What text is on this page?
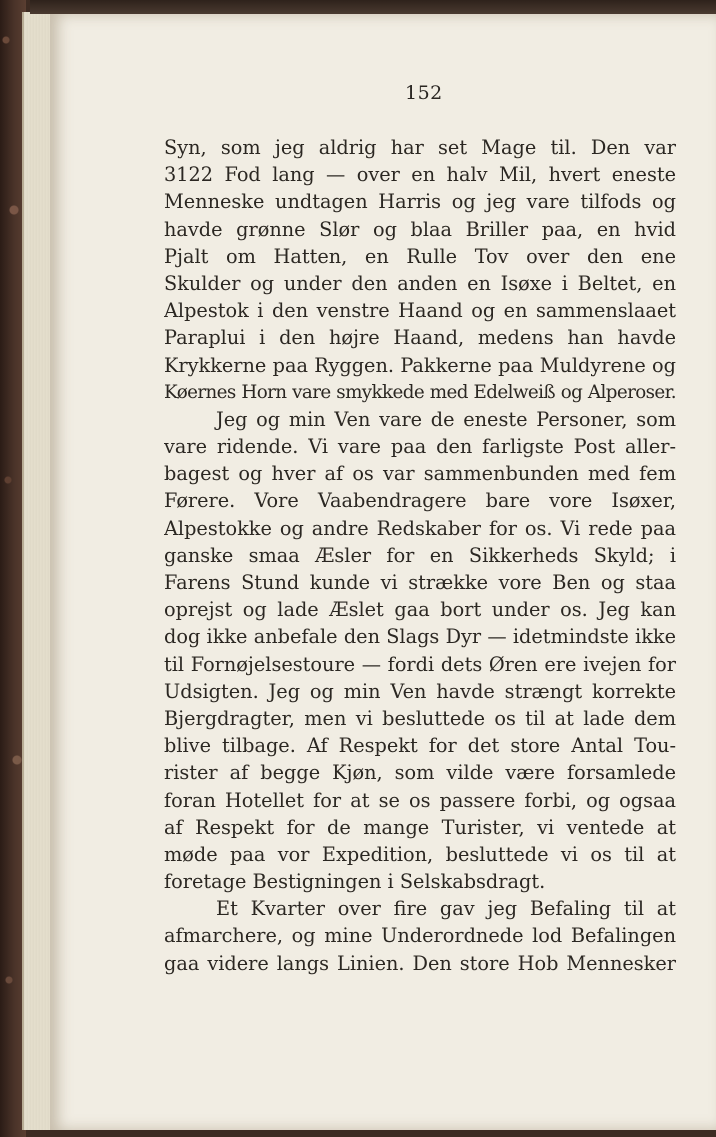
152
Syn, som jeg aldrig har set Mage til. Den var
3122 Fod lang — over en halv Mil, hvert eneste
Menneske undtagen Harris og jeg vare tilfods og
havde grønne Slør og blaa Briller paa, en hvid
Pjalt om Hatten, en Rulle Tov over den ene
Skulder og under den anden en Isøxe i Beltet, en
Alpestok i den venstre Haand og en sammenslaaet
Paraplui i den højre Haand, medens han havde
Krykkerne paa Ryggen. Pakkerne paa Muldyrene og
Køernes Horn vare smykkede med Edelweiß og Alperoser.
Jeg og min Ven vare de eneste Personer, som
vare ridende. Vi vare paa den farligste Post aller-
bagest og hver af os var sammenbunden med fem
Førere. Vore Vaabendragere bare vore Isøxer,
Alpestokke og andre Redskaber for os. Vi rede paa
ganske smaa Æsler for en Sikkerheds Skyld; i
Farens Stund kunde vi strække vore Ben og staa
oprejst og lade Æslet gaa bort under os. Jeg kan
dog ikke anbefale den Slags Dyr — idetmindste ikke
til Fornøjelsestoure — fordi dets Øren ere ivejen for
Udsigten. Jeg og min Ven havde strængt korrekte
Bjergdragter, men vi besluttede os til at lade dem
blive tilbage. Af Respekt for det store Antal Tou-
rister af begge Kjøn, som vilde være forsamlede
foran Hotellet for at se os passere forbi, og ogsaa
af Respekt for de mange Turister, vi ventede at
møde paa vor Expedition, besluttede vi os til at
foretage Bestigningen i Selskabsdragt.
Et Kvarter over fire gav jeg Befaling til at
afmarchere, og mine Underordnede lod Befalingen
gaa videre langs Linien. Den store Hob Mennesker
